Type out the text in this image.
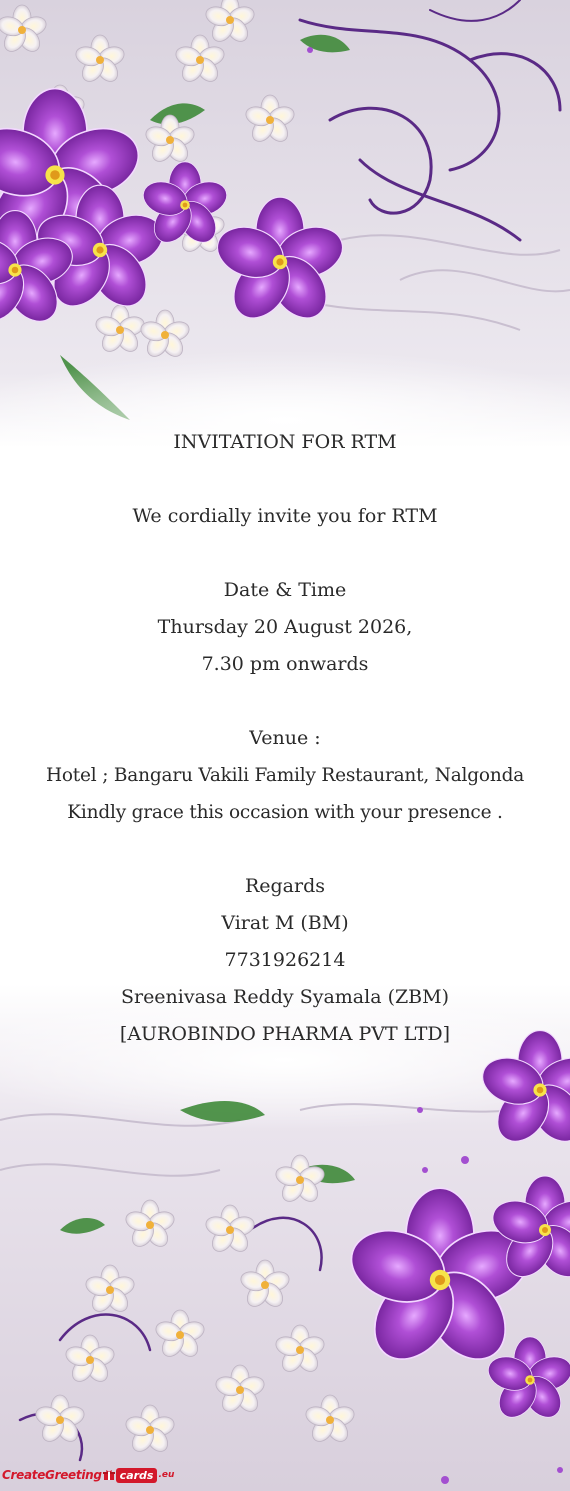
INVITATION FOR RTM
We cordially invite you for RTM
Date & Time
Thursday 20 August 2026,
7.30 pm onwards
Venue :
Hotel ; Bangaru Vakili Family Restaurant, Nalgonda
Kindly grace this occasion with your presence .
Regards
Virat M (BM)
7731926214
Sreenivasa Reddy Syamala (ZBM)
[AUROBINDO PHARMA PVT LTD]
CreateGreeting	cards .eu
